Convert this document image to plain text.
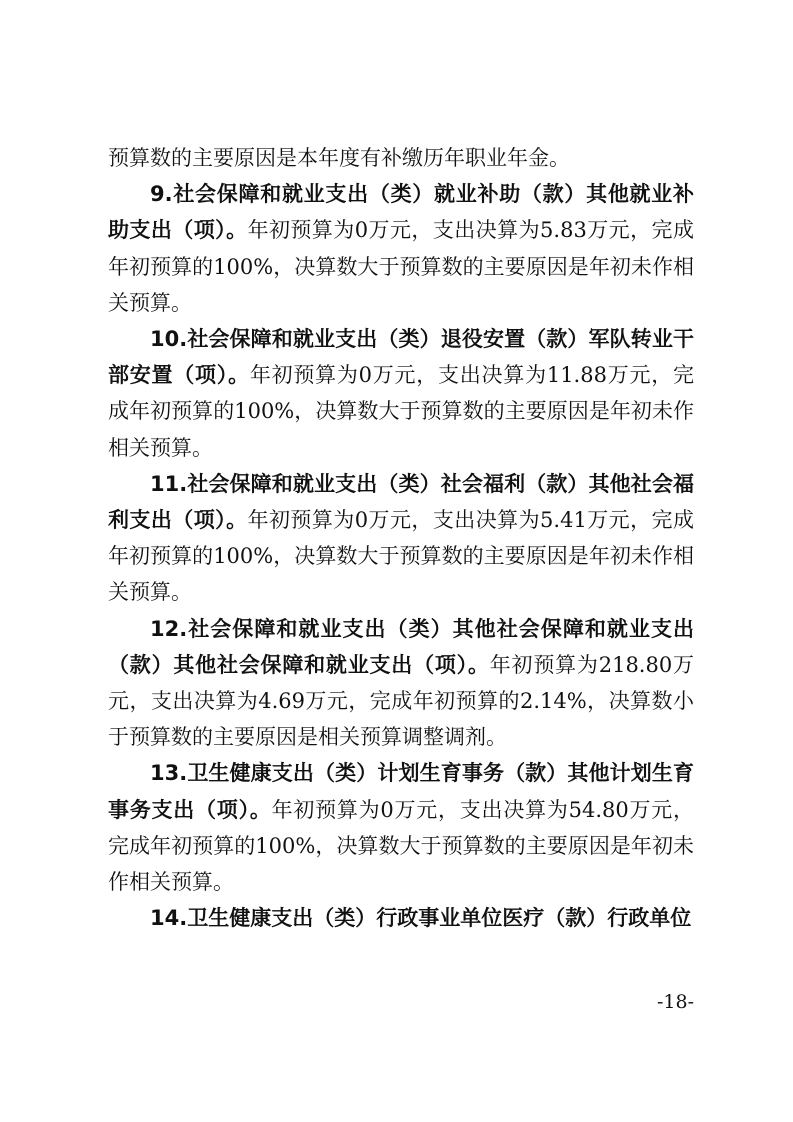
预算数的主要原因是本年度有补缴历年职业年金。

9.社会保障和就业支出（类）就业补助（款）其他就业补助支出（项）。年初预算为0万元，支出决算为5.83万元，完成年初预算的100%，决算数大于预算数的主要原因是年初未作相关预算。

10.社会保障和就业支出（类）退役安置（款）军队转业干部安置（项）。年初预算为0万元，支出决算为11.88万元，完成年初预算的100%，决算数大于预算数的主要原因是年初未作相关预算。

11.社会保障和就业支出（类）社会福利（款）其他社会福利支出（项）。年初预算为0万元，支出决算为5.41万元，完成年初预算的100%，决算数大于预算数的主要原因是年初未作相关预算。

12.社会保障和就业支出（类）其他社会保障和就业支出（款）其他社会保障和就业支出（项）。年初预算为218.80万元，支出决算为4.69万元，完成年初预算的2.14%，决算数小于预算数的主要原因是相关预算调整调剂。

13.卫生健康支出（类）计划生育事务（款）其他计划生育事务支出（项）。年初预算为0万元，支出决算为54.80万元，完成年初预算的100%，决算数大于预算数的主要原因是年初未作相关预算。

14.卫生健康支出（类）行政事业单位医疗（款）行政单位

-18-
